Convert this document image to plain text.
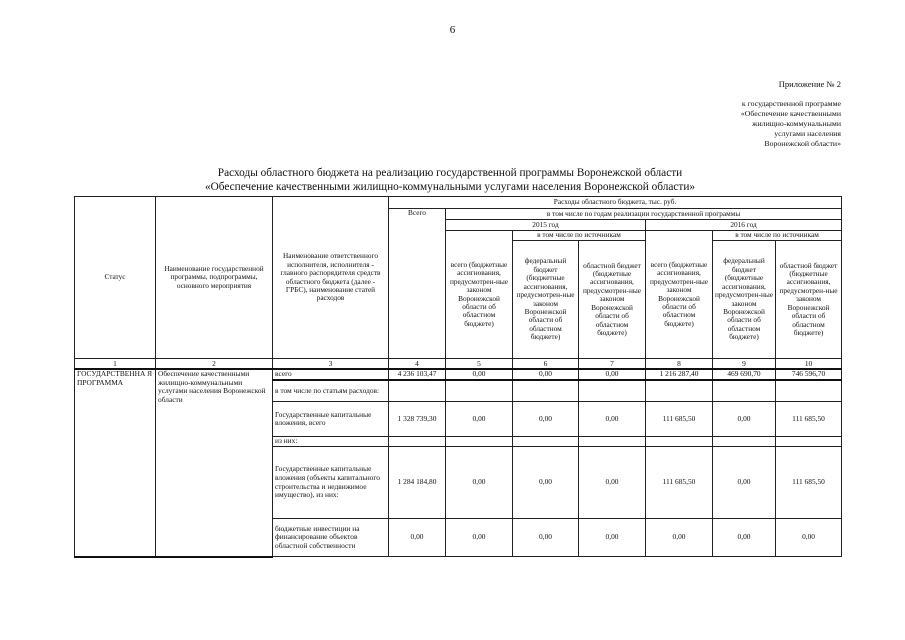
6
Приложение № 2
к государственной программе
«Обеспечение качественными
жилищно-коммунальными
услугами населения
Воронежской области»
Расходы областного бюджета на реализацию государственной программы Воронежской области
«Обеспечение качественными жилищно-коммунальными услугами населения Воронежской области»
Статус	Наименование государственной программы, подпрограммы, основного мероприятия	Наименование ответственного исполнителя, исполнителя - главного распорядителя средств областного бюджета (далее - ГРБС), наименование статей расходов	Расходы областного бюджета, тыс. руб.						
			Всего	в том числе по годам реализации государственной программы					
				2015 год			2016 год		
				всего (бюджетные ассигнования, предусмотрен-ные законом Воронежской области об областном бюджете)	в том числе по источникам		всего (бюджетные ассигнования, предусмотрен-ные законом Воронежской области об областном бюджете)	в том числе по источникам	
					федеральный бюджет (бюджетные ассигнования, предусмотрен-ные законом Воронежской области об областном бюджете)	областной бюджет (бюджетные ассигнования, предусмотрен-ные законом Воронежской области об областном бюджете)		федеральный бюджет (бюджетные ассигнования, предусмотрен-ные законом Воронежской области об областном бюджете)	областной бюджет (бюджетные ассигнования, предусмотрен-ные законом Воронежской области об областном бюджете)
1	2	3	4	5	6	7	8	9	10
ГОСУДАРСТВЕННА Я ПРОГРАММА	Обеспечение качественными жилищно-коммунальными услугами населения Воронежской области	всего	4 236 103,47	0,00	0,00	0,00	1 216 287,40	469 690,70	746 596,70
		в том числе по статьям расходов:							
		Государственные капитальные вложения, всего	1 328 739,30	0,00	0,00	0,00	111 685,50	0,00	111 685,50
		из них:							
		Государственные капитальные вложения (объекты капитального строительства и недвижимое имущество), из них:	1 284 184,80	0,00	0,00	0,00	111 685,50	0,00	111 685,50
		бюджетные инвестиции на финансирование объектов областной собственности	0,00	0,00	0,00	0,00	0,00	0,00	0,00
